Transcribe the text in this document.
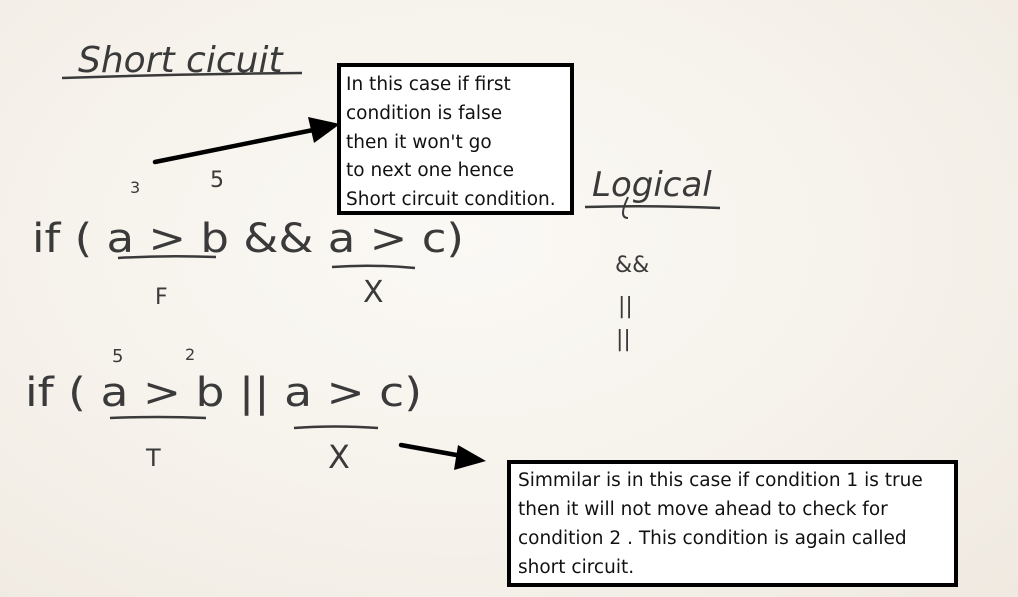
Short cicuit
Logical
&&
||
||
3	5
if ( a > b && a > c)
F	X
5	2
if ( a > b || a > c)
T	X
In this case if first
condition is false
then it won't go
to next one hence
Short circuit condition.
Simmilar is in this case if condition 1 is true
then it will not move ahead to check for
condition 2 . This condition is again called
short circuit.
